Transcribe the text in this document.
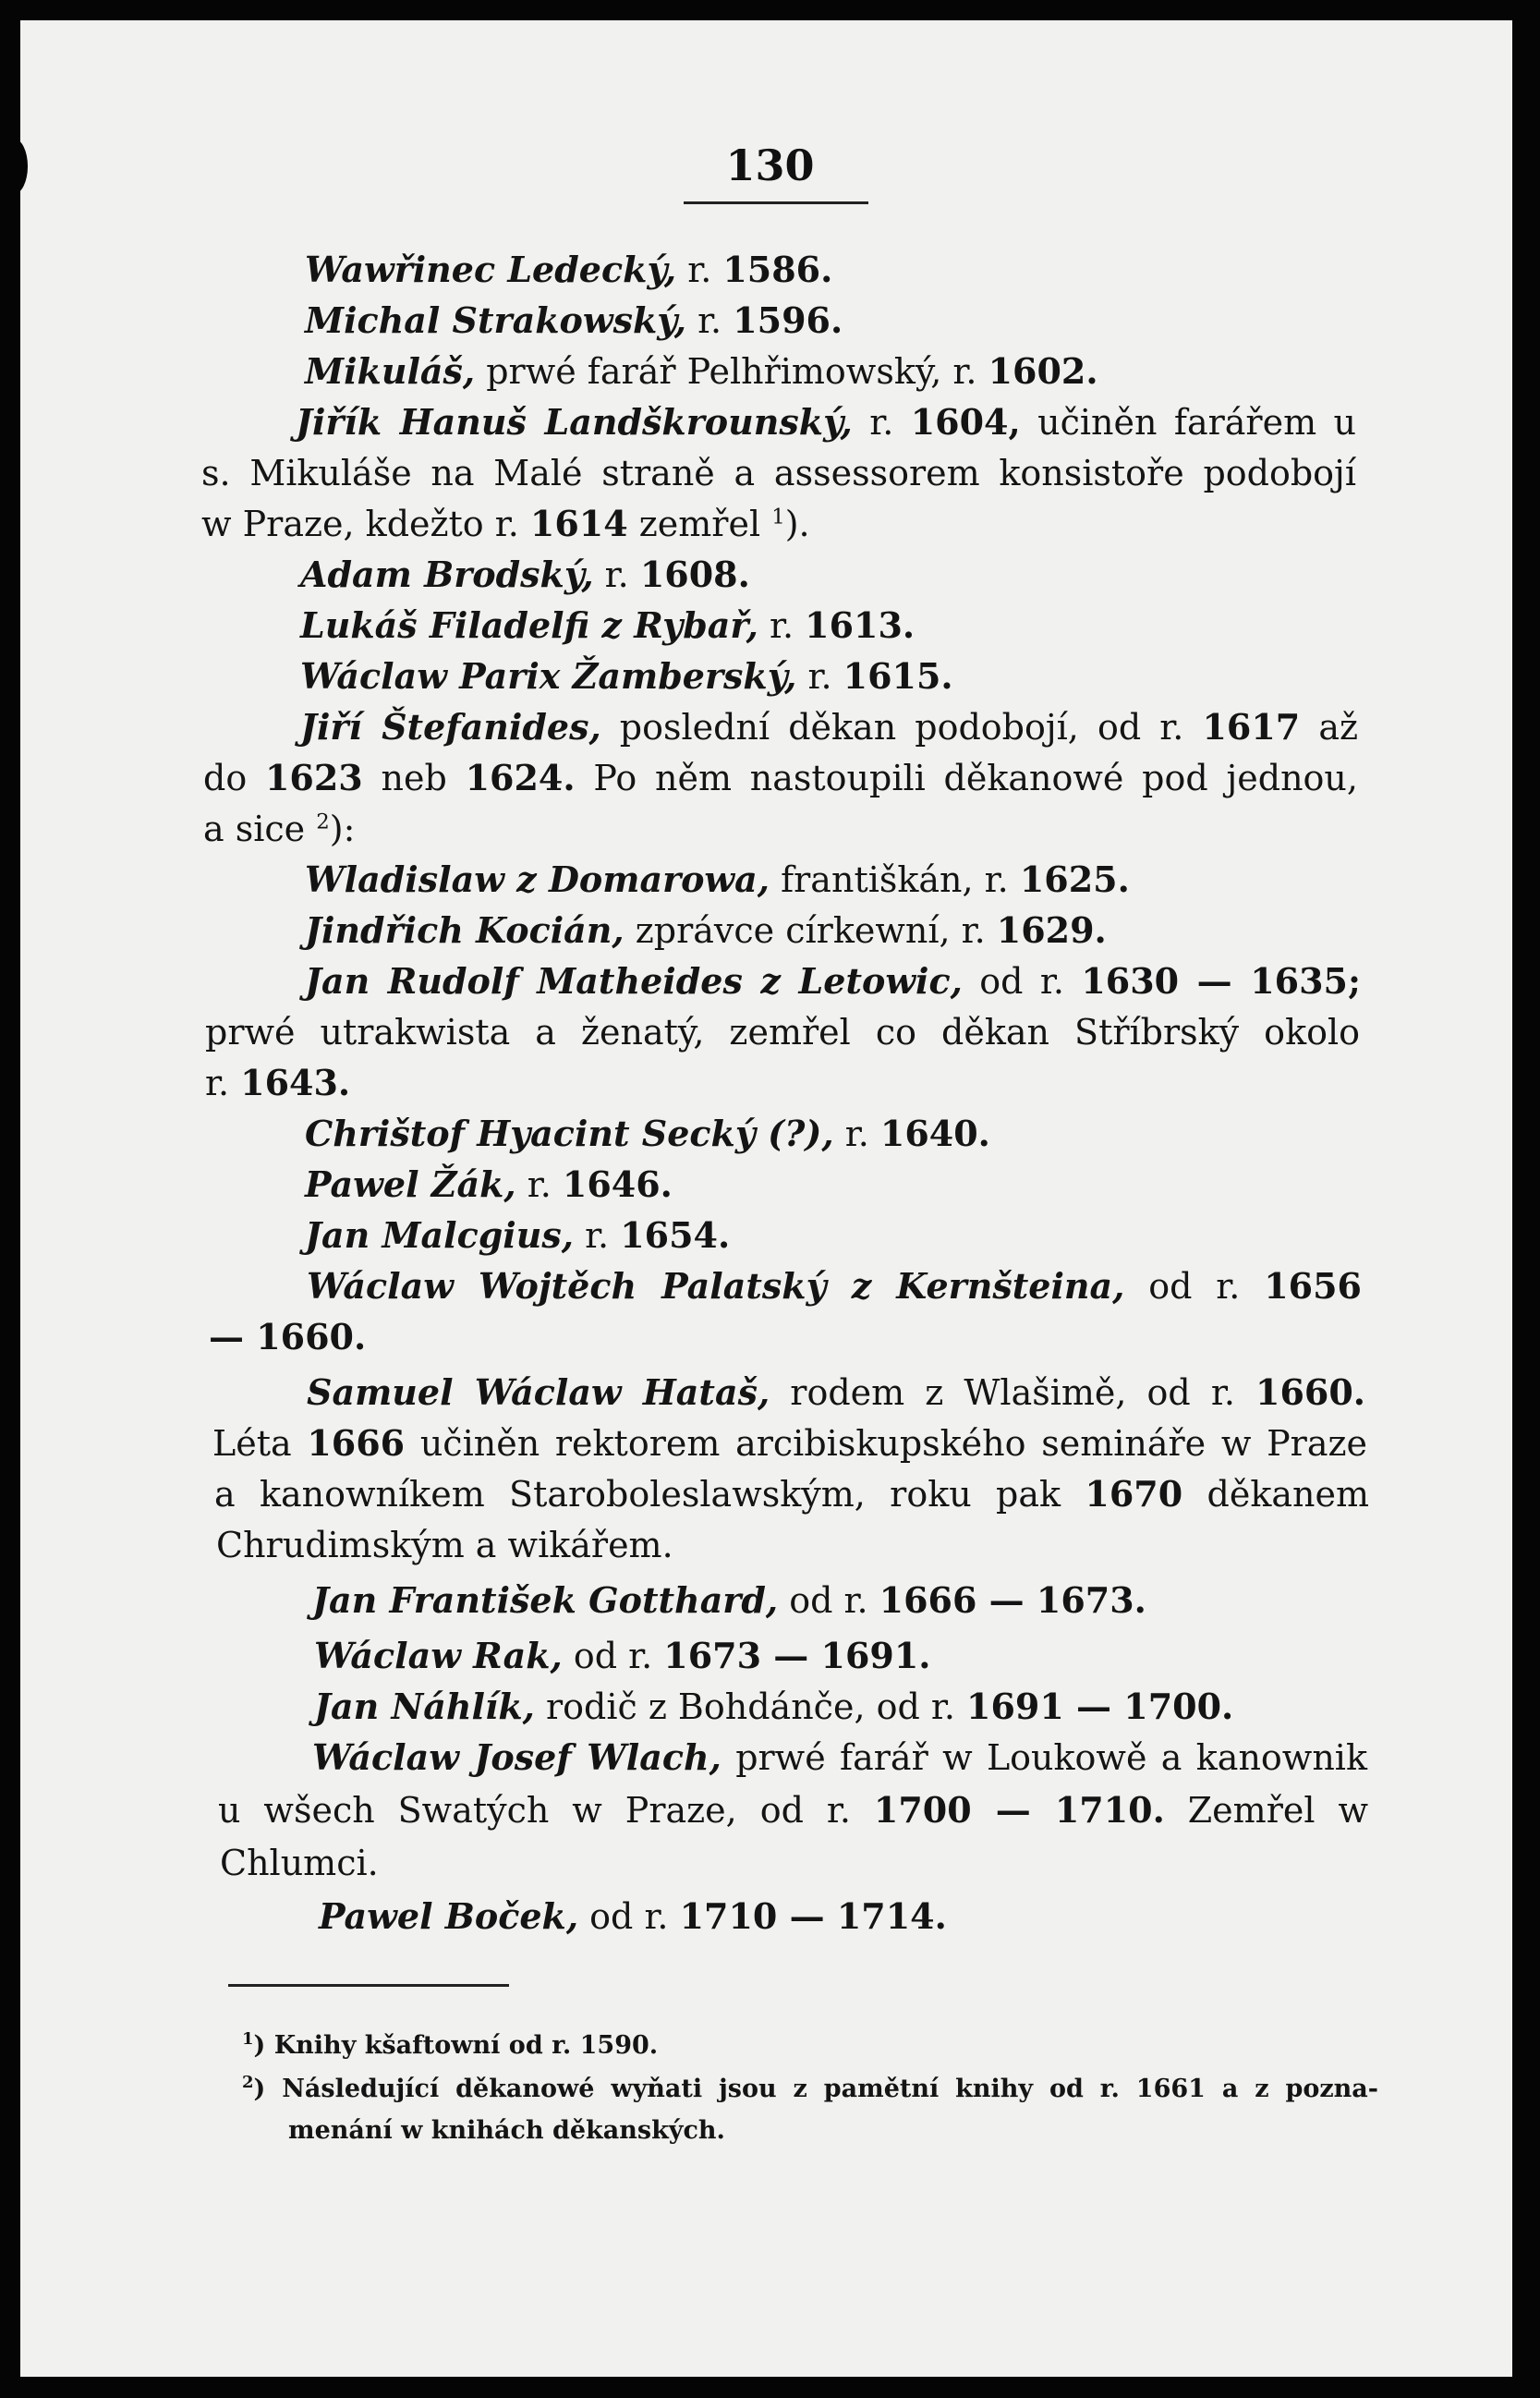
130
Wawřinec Ledecký, r. 1586.
Michal Strakowský, r. 1596.
Mikuláš, prwé farář Pelhřimowský, r. 1602.
Jiřík Hanuš Landškrounský, r. 1604, učiněn farářem u
s. Mikuláše na Malé straně a assessorem konsistoře podobojí
w Praze, kdežto r. 1614 zemřel $^1$).
Adam Brodský, r. 1608.
Lukáš Filadelfi z Rybař, r. 1613.
Wáclaw Parix Žamberský, r. 1615.
Jiří Štefanides, poslední děkan podobojí, od r. 1617 až
do 1623 neb 1624. Po něm nastoupili děkanowé pod jednou,
a sice $^2$):
Wladislaw z Domarowa, františkán, r. 1625.
Jindřich Kocián, zprávce církewní, r. 1629.
Jan Rudolf Matheides z Letowic, od r. 1630 — 1635;
prwé utrakwista a ženatý, zemřel co děkan Stříbrský okolo
r. 1643.
Chrištof Hyacint Secký (?), r. 1640.
Pawel Žák, r. 1646.
Jan Malcgius, r. 1654.
Wáclaw Wojtěch Palatský z Kernšteina, od r. 1656
— 1660.
Samuel Wáclaw Hataš, rodem z Wlašimě, od r. 1660.
Léta 1666 učiněn rektorem arcibiskupského semináře w Praze
a kanowníkem Staroboleslawským, roku pak 1670 děkanem
Chrudimským a wikářem.
Jan František Gotthard, od r. 1666 — 1673.
Wáclaw Rak, od r. 1673 — 1691.
Jan Náhlík, rodič z Bohdánče, od r. 1691 — 1700.
Wáclaw Josef Wlach, prwé farář w Loukowě a kanownik
u wšech Swatých w Praze, od r. 1700 — 1710. Zemřel w
Chlumci.
Pawel Boček, od r. 1710 — 1714.
$^1$) Knihy kšaftowní od r. 1590.
$^2$) Následující děkanowé wyňati jsou z pamětní knihy od r. 1661 a z pozna-
menání w knihách děkanských.
